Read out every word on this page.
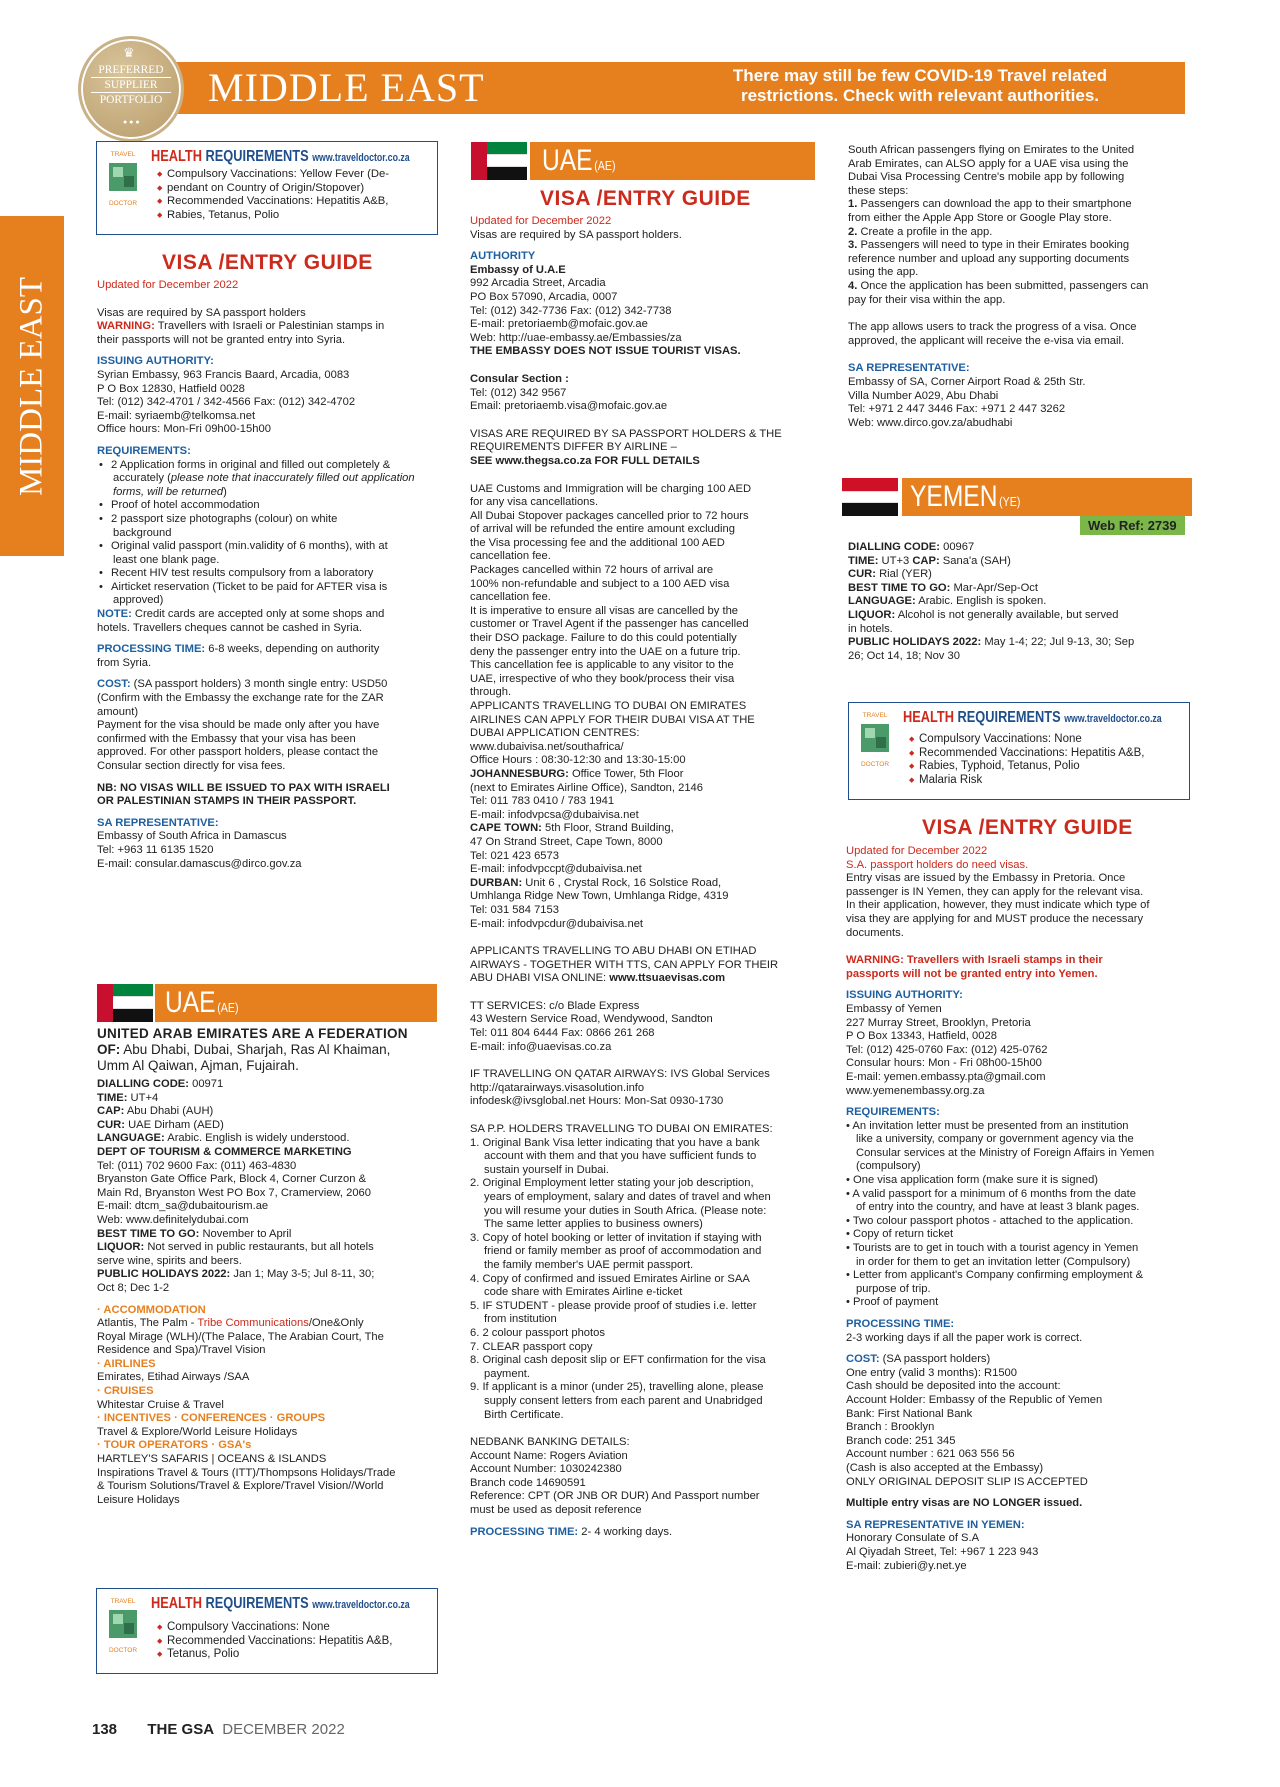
MIDDLE EAST	There may still be few COVID-19 Travel related
restrictions. Check with relevant authorities.
♛
PREFERRED
SUPPLIER
PORTFOLIO
● ● ●
MIDDLE EAST
TRAVEL
DOCTOR
HEALTH REQUIREMENTS www.traveldoctor.co.za
◆ Compulsory Vaccinations: Yellow Fever (De-
◆ pendant on Country of Origin/Stopover)
◆ Recommended Vaccinations: Hepatitis A&B,
◆ Rabies, Tetanus, Polio
VISA /ENTRY GUIDE
Updated for December 2022
Visas are required by SA passport holders
WARNING: Travellers with Israeli or Palestinian stamps in
their passports will not be granted entry into Syria.
ISSUING AUTHORITY:
Syrian Embassy, 963 Francis Baard, Arcadia, 0083
P O Box 12830, Hatfield 0028
Tel: (012) 342-4701 / 342-4566 Fax: (012) 342-4702
E-mail: syriaemb@telkomsa.net
Office hours: Mon-Fri 09h00-15h00
REQUIREMENTS:
• 2 Application forms in original and filled out completely &
accurately (please note that inaccurately filled out application
forms, will be returned)
• Proof of hotel accommodation
• 2 passport size photographs (colour) on white
background
• Original valid passport (min.validity of 6 months), with at
least one blank page.
• Recent HIV test results compulsory from a laboratory
• Airticket reservation (Ticket to be paid for AFTER visa is
approved)
NOTE: Credit cards are accepted only at some shops and
hotels. Travellers cheques cannot be cashed in Syria.
PROCESSING TIME: 6-8 weeks, depending on authority
from Syria.
COST: (SA passport holders) 3 month single entry: USD50
(Confirm with the Embassy the exchange rate for the ZAR
amount)
Payment for the visa should be made only after you have
confirmed with the Embassy that your visa has been
approved. For other passport holders, please contact the
Consular section directly for visa fees.
NB: NO VISAS WILL BE ISSUED TO PAX WITH ISRAELI
OR PALESTINIAN STAMPS IN THEIR PASSPORT.
SA REPRESENTATIVE:
Embassy of South Africa in Damascus
Tel: +963 11 6135 1520
E-mail: consular.damascus@dirco.gov.za
UAE (AE)
UNITED ARAB EMIRATES ARE A FEDERATION
OF: Abu Dhabi, Dubai, Sharjah, Ras Al Khaiman,
Umm Al Qaiwan, Ajman, Fujairah.
DIALLING CODE: 00971
TIME: UT+4
CAP: Abu Dhabi (AUH)
CUR: UAE Dirham (AED)
LANGUAGE: Arabic. English is widely understood.
DEPT OF TOURISM & COMMERCE MARKETING
Tel: (011) 702 9600 Fax: (011) 463-4830
Bryanston Gate Office Park, Block 4, Corner Curzon &
Main Rd, Bryanston West PO Box 7, Cramerview, 2060
E-mail: dtcm_sa@dubaitourism.ae
Web: www.definitelydubai.com
BEST TIME TO GO: November to April
LIQUOR: Not served in public restaurants, but all hotels
serve wine, spirits and beers.
PUBLIC HOLIDAYS 2022: Jan 1; May 3-5; Jul 8-11, 30;
Oct 8; Dec 1-2
· ACCOMMODATION
Atlantis, The Palm - Tribe Communications/One&Only
Royal Mirage (WLH)/(The Palace, The Arabian Court, The
Residence and Spa)/Travel Vision
· AIRLINES
Emirates, Etihad Airways /SAA
· CRUISES
Whitestar Cruise & Travel
· INCENTIVES · CONFERENCES · GROUPS
Travel & Explore/World Leisure Holidays
· TOUR OPERATORS · GSA's
HARTLEY'S SAFARIS | OCEANS & ISLANDS
Inspirations Travel & Tours (ITT)/Thompsons Holidays/Trade
& Tourism Solutions/Travel & Explore/Travel Vision//World
Leisure Holidays
TRAVEL
DOCTOR
HEALTH REQUIREMENTS www.traveldoctor.co.za
◆ Compulsory Vaccinations: None
◆ Recommended Vaccinations: Hepatitis A&B,
◆ Tetanus, Polio
UAE (AE)
VISA /ENTRY GUIDE
Updated for December 2022
Visas are required by SA passport holders.
AUTHORITY
Embassy of U.A.E
992 Arcadia Street, Arcadia
PO Box 57090, Arcadia, 0007
Tel: (012) 342-7736 Fax: (012) 342-7738
E-mail: pretoriaemb@mofaic.gov.ae
Web: http://uae-embassy.ae/Embassies/za
THE EMBASSY DOES NOT ISSUE TOURIST VISAS.
Consular Section :
Tel: (012) 342 9567
Email: pretoriaemb.visa@mofaic.gov.ae
VISAS ARE REQUIRED BY SA PASSPORT HOLDERS & THE
REQUIREMENTS DIFFER BY AIRLINE –
SEE www.thegsa.co.za FOR FULL DETAILS
UAE Customs and Immigration will be charging 100 AED
for any visa cancellations.
All Dubai Stopover packages cancelled prior to 72 hours
of arrival will be refunded the entire amount excluding
the Visa processing fee and the additional 100 AED
cancellation fee.
Packages cancelled within 72 hours of arrival are
100% non-refundable and subject to a 100 AED visa
cancellation fee.
It is imperative to ensure all visas are cancelled by the
customer or Travel Agent if the passenger has cancelled
their DSO package. Failure to do this could potentially
deny the passenger entry into the UAE on a future trip.
This cancellation fee is applicable to any visitor to the
UAE, irrespective of who they book/process their visa
through.
APPLICANTS TRAVELLING TO DUBAI ON EMIRATES
AIRLINES CAN APPLY FOR THEIR DUBAI VISA AT THE
DUBAI APPLICATION CENTRES:
www.dubaivisa.net/southafrica/
Office Hours : 08:30-12:30 and 13:30-15:00
JOHANNESBURG: Office Tower, 5th Floor
(next to Emirates Airline Office), Sandton, 2146
Tel: 011 783 0410 / 783 1941
E-mail: infodvpcsa@dubaivisa.net
CAPE TOWN: 5th Floor, Strand Building,
47 On Strand Street, Cape Town, 8000
Tel: 021 423 6573
E-mail: infodvpccpt@dubaivisa.net
DURBAN: Unit 6 , Crystal Rock, 16 Solstice Road,
Umhlanga Ridge New Town, Umhlanga Ridge, 4319
Tel: 031 584 7153
E-mail: infodvpcdur@dubaivisa.net
APPLICANTS TRAVELLING TO ABU DHABI ON ETIHAD
AIRWAYS - TOGETHER WITH TTS, CAN APPLY FOR THEIR
ABU DHABI VISA ONLINE: www.ttsuaevisas.com
TT SERVICES: c/o Blade Express
43 Western Service Road, Wendywood, Sandton
Tel: 011 804 6444 Fax: 0866 261 268
E-mail: info@uaevisas.co.za
IF TRAVELLING ON QATAR AIRWAYS: IVS Global Services
http://qatarairways.visasolution.info
infodesk@ivsglobal.net Hours: Mon-Sat 0930-1730
SA P.P. HOLDERS TRAVELLING TO DUBAI ON EMIRATES:
1. Original Bank Visa letter indicating that you have a bank
account with them and that you have sufficient funds to
sustain yourself in Dubai.
2. Original Employment letter stating your job description,
years of employment, salary and dates of travel and when
you will resume your duties in South Africa. (Please note:
The same letter applies to business owners)
3. Copy of hotel booking or letter of invitation if staying with
friend or family member as proof of accommodation and
the family member's UAE permit passport.
4. Copy of confirmed and issued Emirates Airline or SAA
code share with Emirates Airline e-ticket
5. IF STUDENT - please provide proof of studies i.e. letter
from institution
6. 2 colour passport photos
7. CLEAR passport copy
8. Original cash deposit slip or EFT confirmation for the visa
payment.
9. If applicant is a minor (under 25), travelling alone, please
supply consent letters from each parent and Unabridged
Birth Certificate.
NEDBANK BANKING DETAILS:
Account Name: Rogers Aviation
Account Number: 1030242380
Branch code 14690591
Reference: CPT (OR JNB OR DUR) And Passport number
must be used as deposit reference
PROCESSING TIME: 2- 4 working days.
South African passengers flying on Emirates to the United
Arab Emirates, can ALSO apply for a UAE visa using the
Dubai Visa Processing Centre's mobile app by following
these steps:
1. Passengers can download the app to their smartphone
from either the Apple App Store or Google Play store.
2. Create a profile in the app.
3. Passengers will need to type in their Emirates booking
reference number and upload any supporting documents
using the app.
4. Once the application has been submitted, passengers can
pay for their visa within the app.
The app allows users to track the progress of a visa. Once
approved, the applicant will receive the e-visa via email.
SA REPRESENTATIVE:
Embassy of SA, Corner Airport Road & 25th Str.
Villa Number A029, Abu Dhabi
Tel: +971 2 447 3446 Fax: +971 2 447 3262
Web: www.dirco.gov.za/abudhabi
YEMEN (YE)
Web Ref: 2739
DIALLING CODE: 00967
TIME: UT+3 CAP: Sana'a (SAH)
CUR: Rial (YER)
BEST TIME TO GO: Mar-Apr/Sep-Oct
LANGUAGE: Arabic. English is spoken.
LIQUOR: Alcohol is not generally available, but served
in hotels.
PUBLIC HOLIDAYS 2022: May 1-4; 22; Jul 9-13, 30; Sep
26; Oct 14, 18; Nov 30
TRAVEL
DOCTOR
HEALTH REQUIREMENTS www.traveldoctor.co.za
◆ Compulsory Vaccinations: None
◆ Recommended Vaccinations: Hepatitis A&B,
◆ Rabies, Typhoid, Tetanus, Polio
◆ Malaria Risk
VISA /ENTRY GUIDE
Updated for December 2022
S.A. passport holders do need visas.
Entry visas are issued by the Embassy in Pretoria. Once
passenger is IN Yemen, they can apply for the relevant visa.
In their application, however, they must indicate which type of
visa they are applying for and MUST produce the necessary
documents.
WARNING: Travellers with Israeli stamps in their
passports will not be granted entry into Yemen.
ISSUING AUTHORITY:
Embassy of Yemen
227 Murray Street, Brooklyn, Pretoria
P O Box 13343, Hatfield, 0028
Tel: (012) 425-0760 Fax: (012) 425-0762
Consular hours: Mon - Fri 08h00-15h00
E-mail: yemen.embassy.pta@gmail.com
www.yemenembassy.org.za
REQUIREMENTS:
• An invitation letter must be presented from an institution
like a university, company or government agency via the
Consular services at the Ministry of Foreign Affairs in Yemen
(compulsory)
• One visa application form (make sure it is signed)
• A valid passport for a minimum of 6 months from the date
of entry into the country, and have at least 3 blank pages.
• Two colour passport photos - attached to the application.
• Copy of return ticket
• Tourists are to get in touch with a tourist agency in Yemen
in order for them to get an invitation letter (Compulsory)
• Letter from applicant's Company confirming employment &
purpose of trip.
• Proof of payment
PROCESSING TIME:
2-3 working days if all the paper work is correct.
COST: (SA passport holders)
One entry (valid 3 months): R1500
Cash should be deposited into the account:
Account Holder: Embassy of the Republic of Yemen
Bank: First National Bank
Branch : Brooklyn
Branch code: 251 345
Account number : 621 063 556 56
(Cash is also accepted at the Embassy)
ONLY ORIGINAL DEPOSIT SLIP IS ACCEPTED
Multiple entry visas are NO LONGER issued.
SA REPRESENTATIVE IN YEMEN:
Honorary Consulate of S.A
Al Qiyadah Street, Tel: +967 1 223 943
E-mail: zubieri@y.net.ye
138 THE GSA DECEMBER 2022
